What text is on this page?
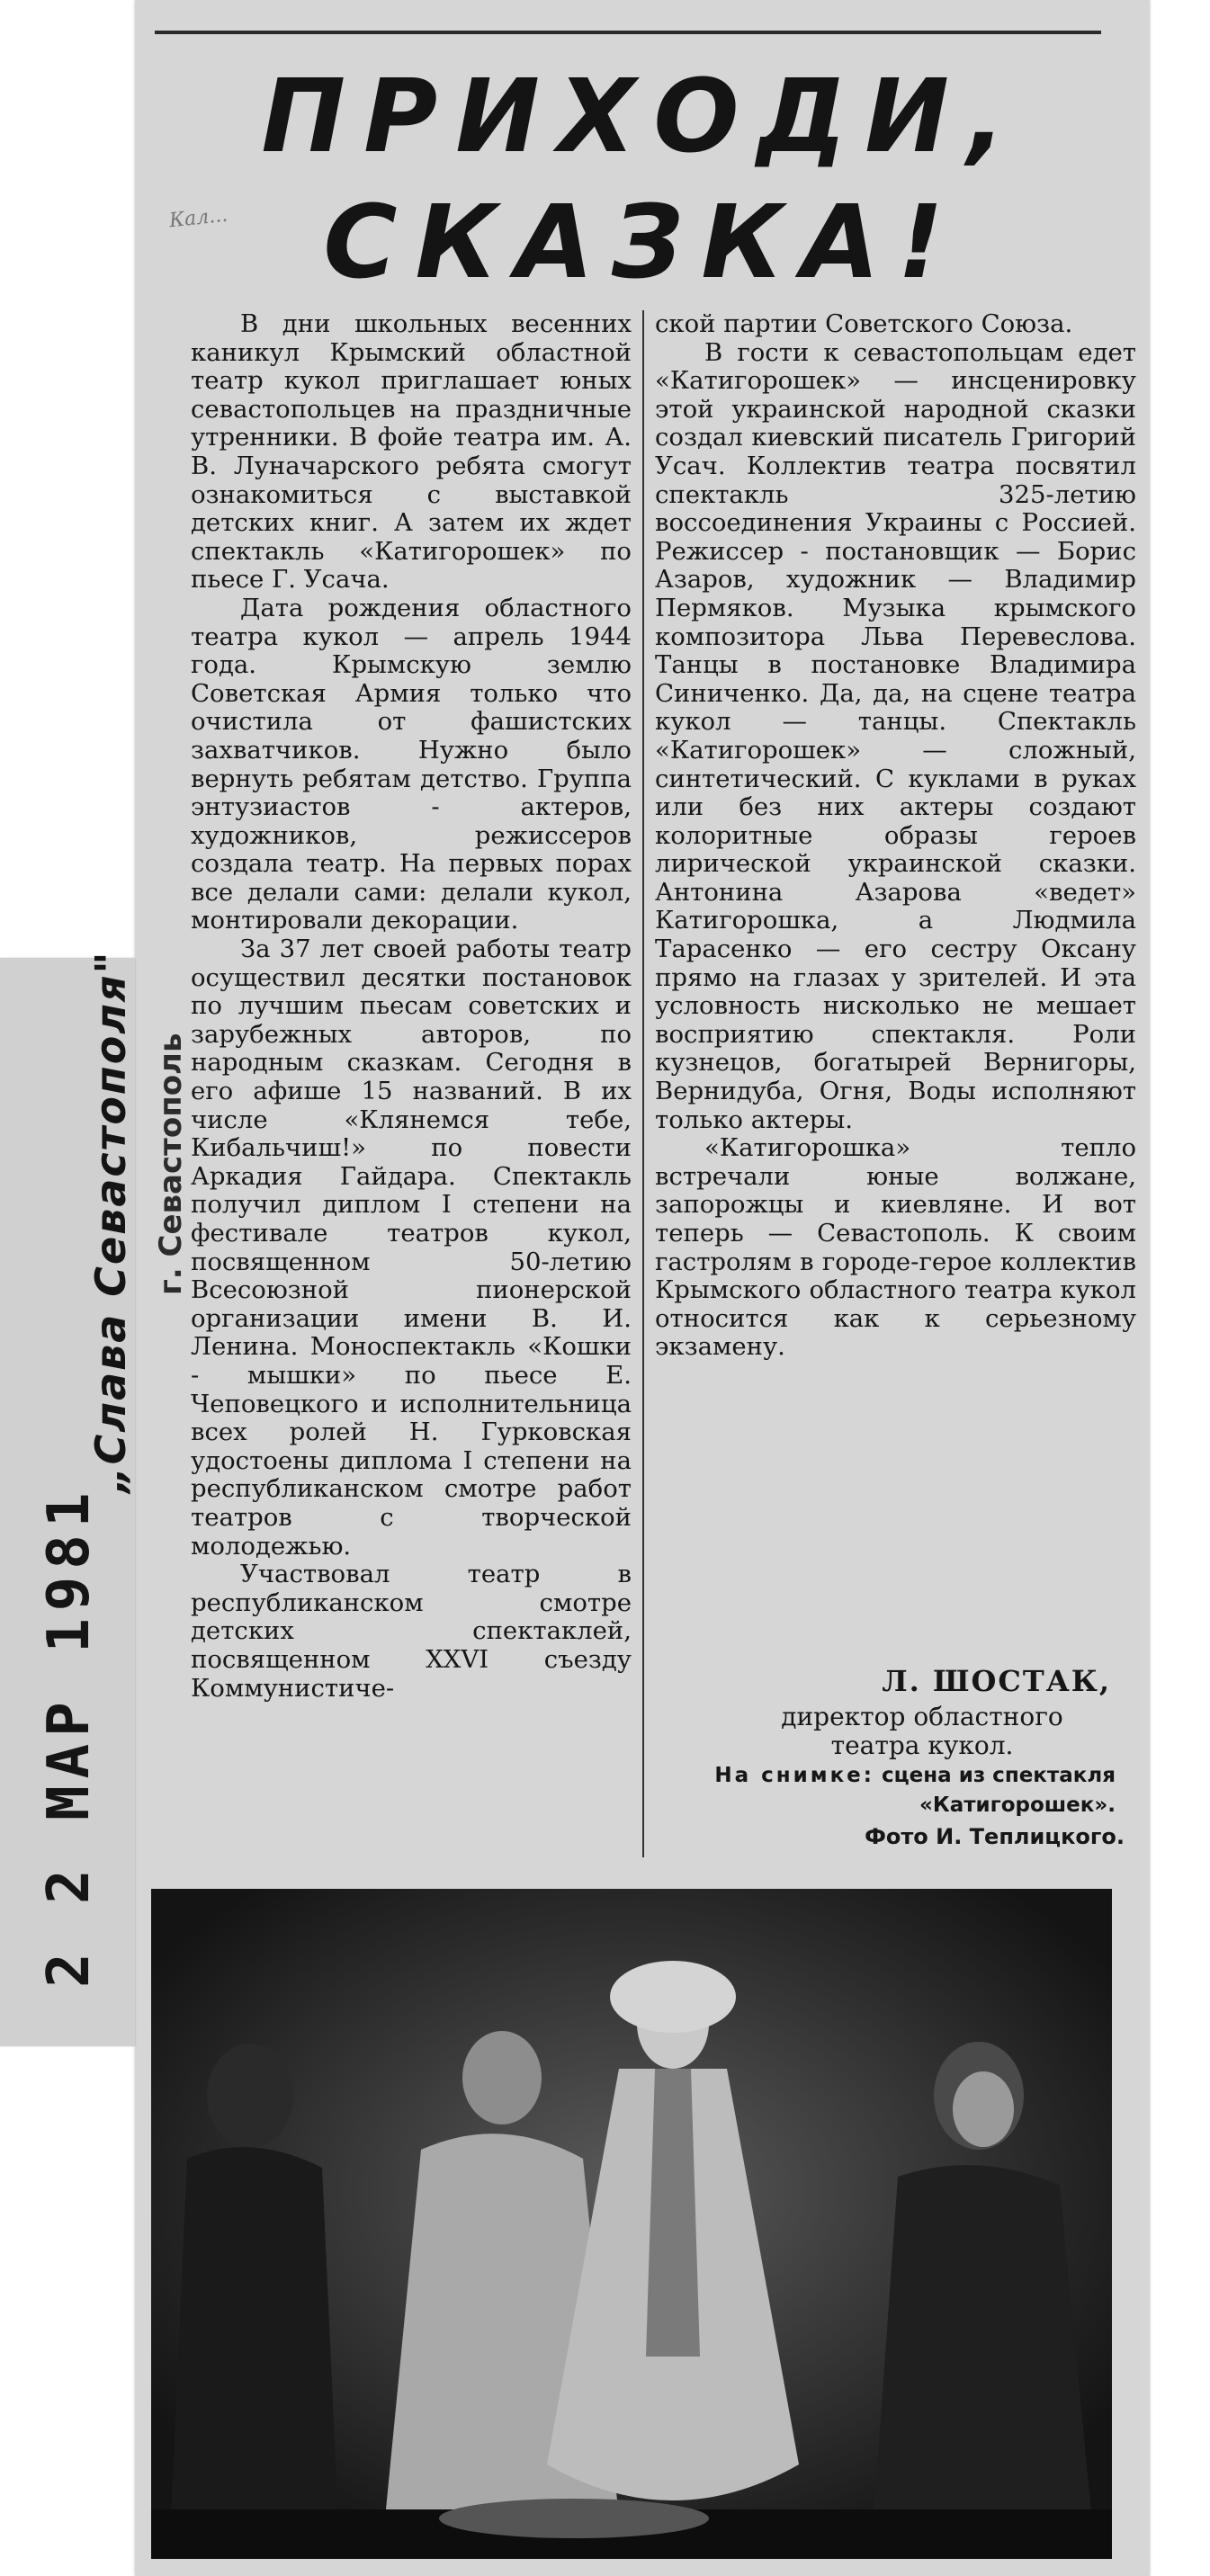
Кал...
ПРИХОДИ,
СКАЗКА!

В дни школьных весенних каникул Крымский областной театр кукол приглашает юных севастопольцев на праздничные утренники. В фойе театра им. А. В. Луначарского ребята смогут ознакомиться с выставкой детских книг. А затем их ждет спектакль «Катигорошек» по пьесе Г. Усача.

Дата рождения областного театра кукол — апрель 1944 года. Крымскую землю Советская Армия только что очистила от фашистских захватчиков. Нужно было вернуть ребятам детство. Группа энтузиастов - актеров, художников, режиссеров создала театр. На первых порах все делали сами: делали кукол, монтировали декорации.

За 37 лет своей работы театр осуществил десятки постановок по лучшим пьесам советских и зарубежных авторов, по народным сказкам. Сегодня в его афише 15 названий. В их числе «Клянемся тебе, Кибальчиш!» по повести Аркадия Гайдара. Спектакль получил диплом I степени на фестивале театров кукол, посвященном 50-летию Всесоюзной пионерской организации имени В. И. Ленина. Моноспектакль «Кошки - мышки» по пьесе Е. Чеповецкого и исполнительница всех ролей Н. Гурковская удостоены диплома I степени на республиканском смотре работ театров с творческой молодежью.

Участвовал театр в республиканском смотре детских спектаклей, посвященном XXVI съезду Коммунистиче-

ской партии Советского Союза.

В гости к севастопольцам едет «Катигорошек» — инсценировку этой украинской народной сказки создал киевский писатель Григорий Усач. Коллектив театра посвятил спектакль 325-летию воссоединения Украины с Россией. Режиссер - постановщик — Борис Азаров, художник — Владимир Пермяков. Музыка крымского композитора Льва Перевеслова. Танцы в постановке Владимира Синиченко. Да, да, на сцене театра кукол — танцы. Спектакль «Катигорошек» — сложный, синтетический. С куклами в руках или без них актеры создают колоритные образы героев лирической украинской сказки. Антонина Азарова «ведет» Катигорошка, а Людмила Тарасенко — его сестру Оксану прямо на глазах у зрителей. И эта условность нисколько не мешает восприятию спектакля. Роли кузнецов, богатырей Вернигоры, Вернидуба, Огня, Воды исполняют только актеры.

«Катигорошка» тепло встречали юные волжане, запорожцы и киевляне. И вот теперь — Севастополь. К своим гастролям в городе-герое коллектив Крымского областного театра кукол относится как к серьезному экзамену.

Л. ШОСТАК,
директор областного театра кукол.
На снимке: сцена из спектакля «Катигорошек».
Фото И. Теплицкого.
2 2 МАР 1981
„Слава Севастополя" г. Севастополь
